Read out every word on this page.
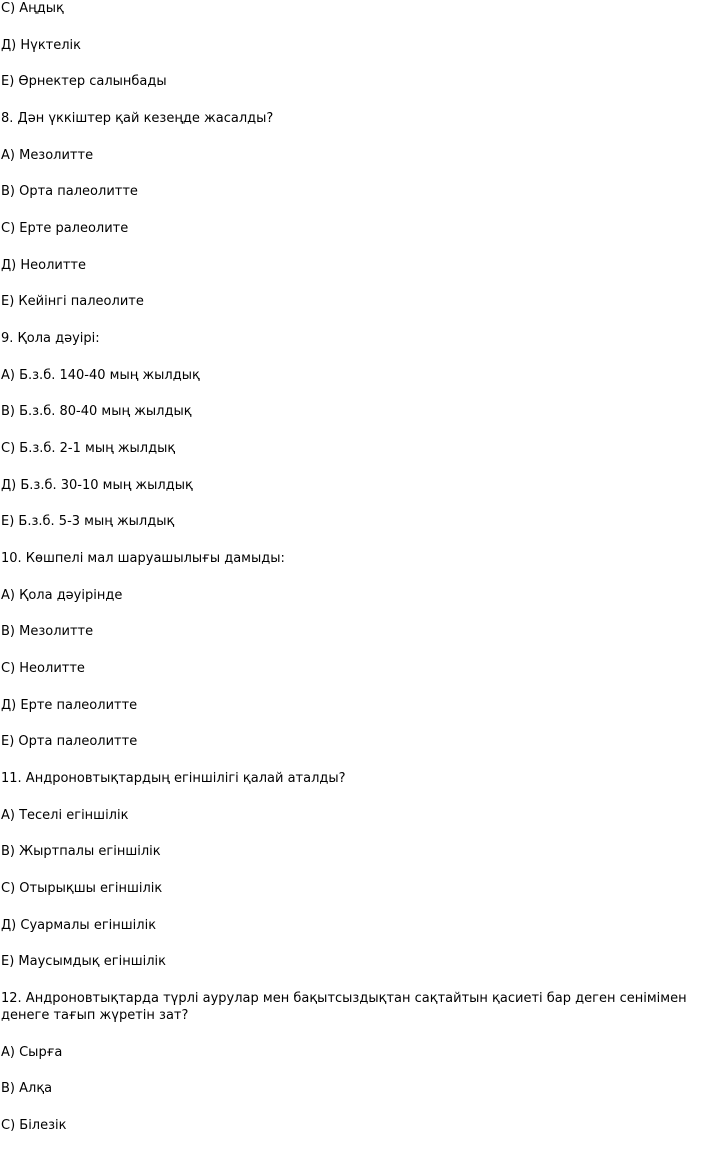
С) Аңдық
Д) Нүктелік
Е) Өрнектер салынбады
8. Дән үккіштер қай кезеңде жасалды?
А) Мезолитте
В) Орта палеолитте
С) Ерте ралеолите
Д) Неолитте
Е) Кейінгі палеолите
9. Қола дәуірі:
А) Б.з.б. 140-40 мың жылдық
В) Б.з.б. 80-40 мың жылдық
С) Б.з.б. 2-1 мың жылдық
Д) Б.з.б. 30-10 мың жылдық
Е) Б.з.б. 5-3 мың жылдық
10. Көшпелі мал шаруашылығы дамыды:
А) Қола дәуірінде
В) Мезолитте
С) Неолитте
Д) Ерте палеолитте
Е) Орта палеолитте
11. Андроновтықтардың егіншілігі қалай аталды?
А) Теселі егіншілік
В) Жыртпалы егіншілік
С) Отырықшы егіншілік
Д) Суармалы егіншілік
Е) Маусымдық егіншілік
12. Андроновтықтарда түрлі аурулар мен бақытсыздықтан сақтайтын қасиеті бар деген сенімімен денеге тағып жүретін зат?
А) Сырға
В) Алқа
С) Білезік
